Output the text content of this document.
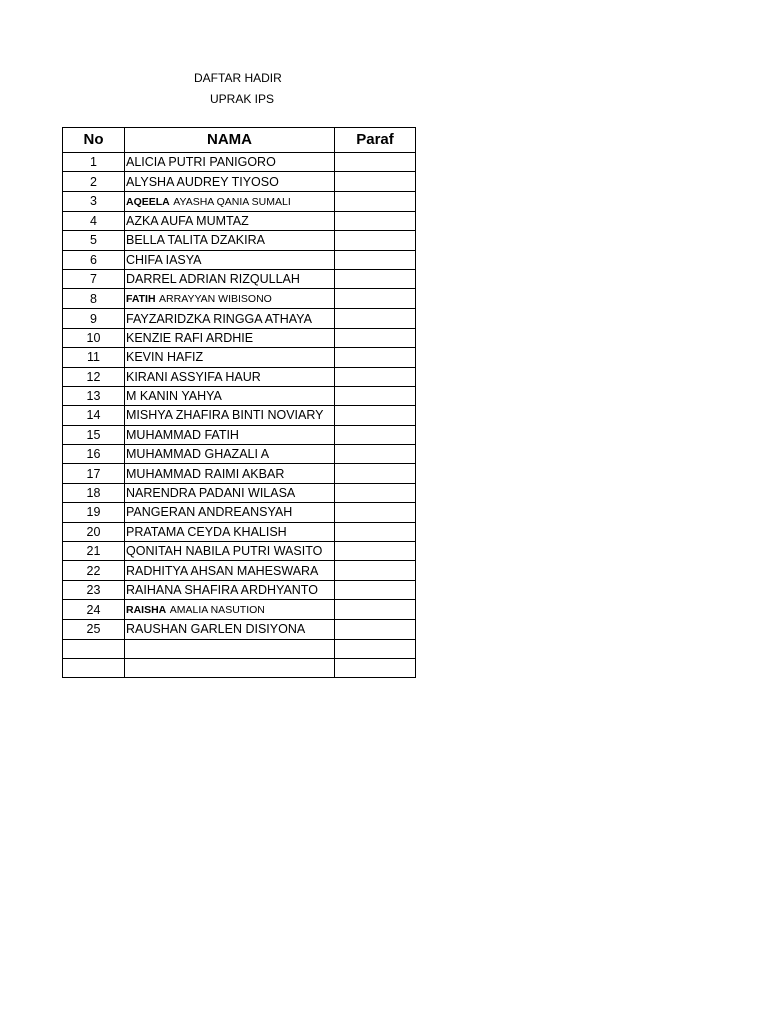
DAFTAR HADIR
UPRAK IPS
No	NAMA	Paraf
1	ALICIA PUTRI PANIGORO	
2	ALYSHA AUDREY TIYOSO	
3	AQEELA AYASHA QANIA SUMALI	
4	AZKA AUFA MUMTAZ	
5	BELLA TALITA DZAKIRA	
6	CHIFA IASYA	
7	DARREL ADRIAN RIZQULLAH	
8	FATIH ARRAYYAN WIBISONO	
9	FAYZARIDZKA RINGGA ATHAYA	
10	KENZIE RAFI ARDHIE	
11	KEVIN HAFIZ	
12	KIRANI ASSYIFA HAUR	
13	M KANIN YAHYA	
14	MISHYA ZHAFIRA BINTI NOVIARY	
15	MUHAMMAD FATIH	
16	MUHAMMAD GHAZALI A	
17	MUHAMMAD RAIMI AKBAR	
18	NARENDRA PADANI WILASA	
19	PANGERAN ANDREANSYAH	
20	PRATAMA CEYDA KHALISH	
21	QONITAH NABILA PUTRI WASITO	
22	RADHITYA AHSAN MAHESWARA	
23	RAIHANA SHAFIRA ARDHYANTO	
24	RAISHA AMALIA NASUTION	
25	RAUSHAN GARLEN DISIYONA	
